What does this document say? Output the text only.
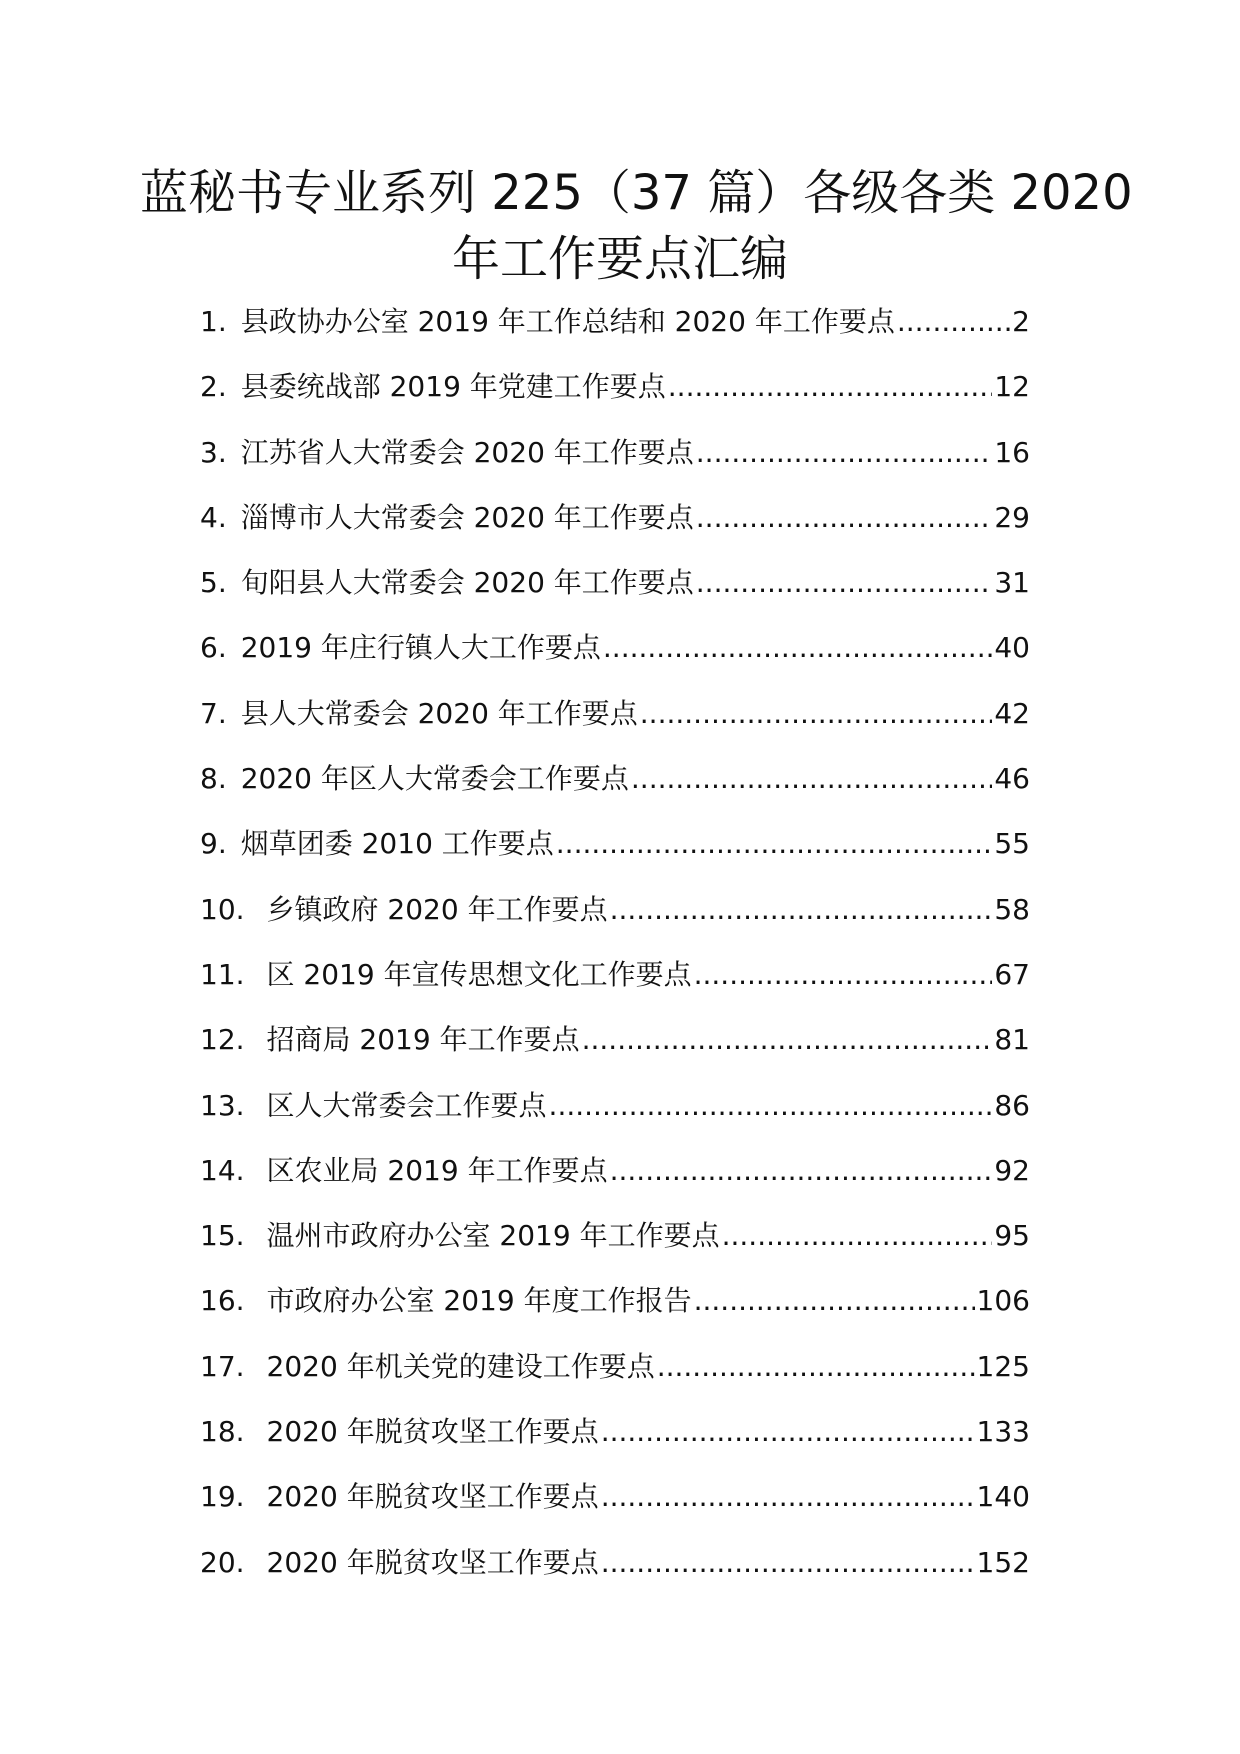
蓝秘书专业系列 225（37 篇）各级各类 2020
年工作要点汇编
1. 县政协办公室 2019 年工作总结和 2020 年工作要点 .....	2
2. 县委统战部 2019 年党建工作要点 .....	12
3. 江苏省人大常委会 2020 年工作要点 .....	16
4. 淄博市人大常委会 2020 年工作要点 .....	29
5. 旬阳县人大常委会 2020 年工作要点 .....	31
6. 2019 年庄行镇人大工作要点 .....	40
7. 县人大常委会 2020 年工作要点 .....	42
8. 2020 年区人大常委会工作要点 .....	46
9. 烟草团委 2010 工作要点 .....	55
10. 乡镇政府 2020 年工作要点 .....	58
11. 区 2019 年宣传思想文化工作要点 .....	67
12. 招商局 2019 年工作要点 .....	81
13. 区人大常委会工作要点 .....	86
14. 区农业局 2019 年工作要点 .....	92
15. 温州市政府办公室 2019 年工作要点 .....	95
16. 市政府办公室 2019 年度工作报告 .....	106
17. 2020 年机关党的建设工作要点 .....	125
18. 2020 年脱贫攻坚工作要点 .....	133
19. 2020 年脱贫攻坚工作要点 .....	140
20. 2020 年脱贫攻坚工作要点 .....	152
